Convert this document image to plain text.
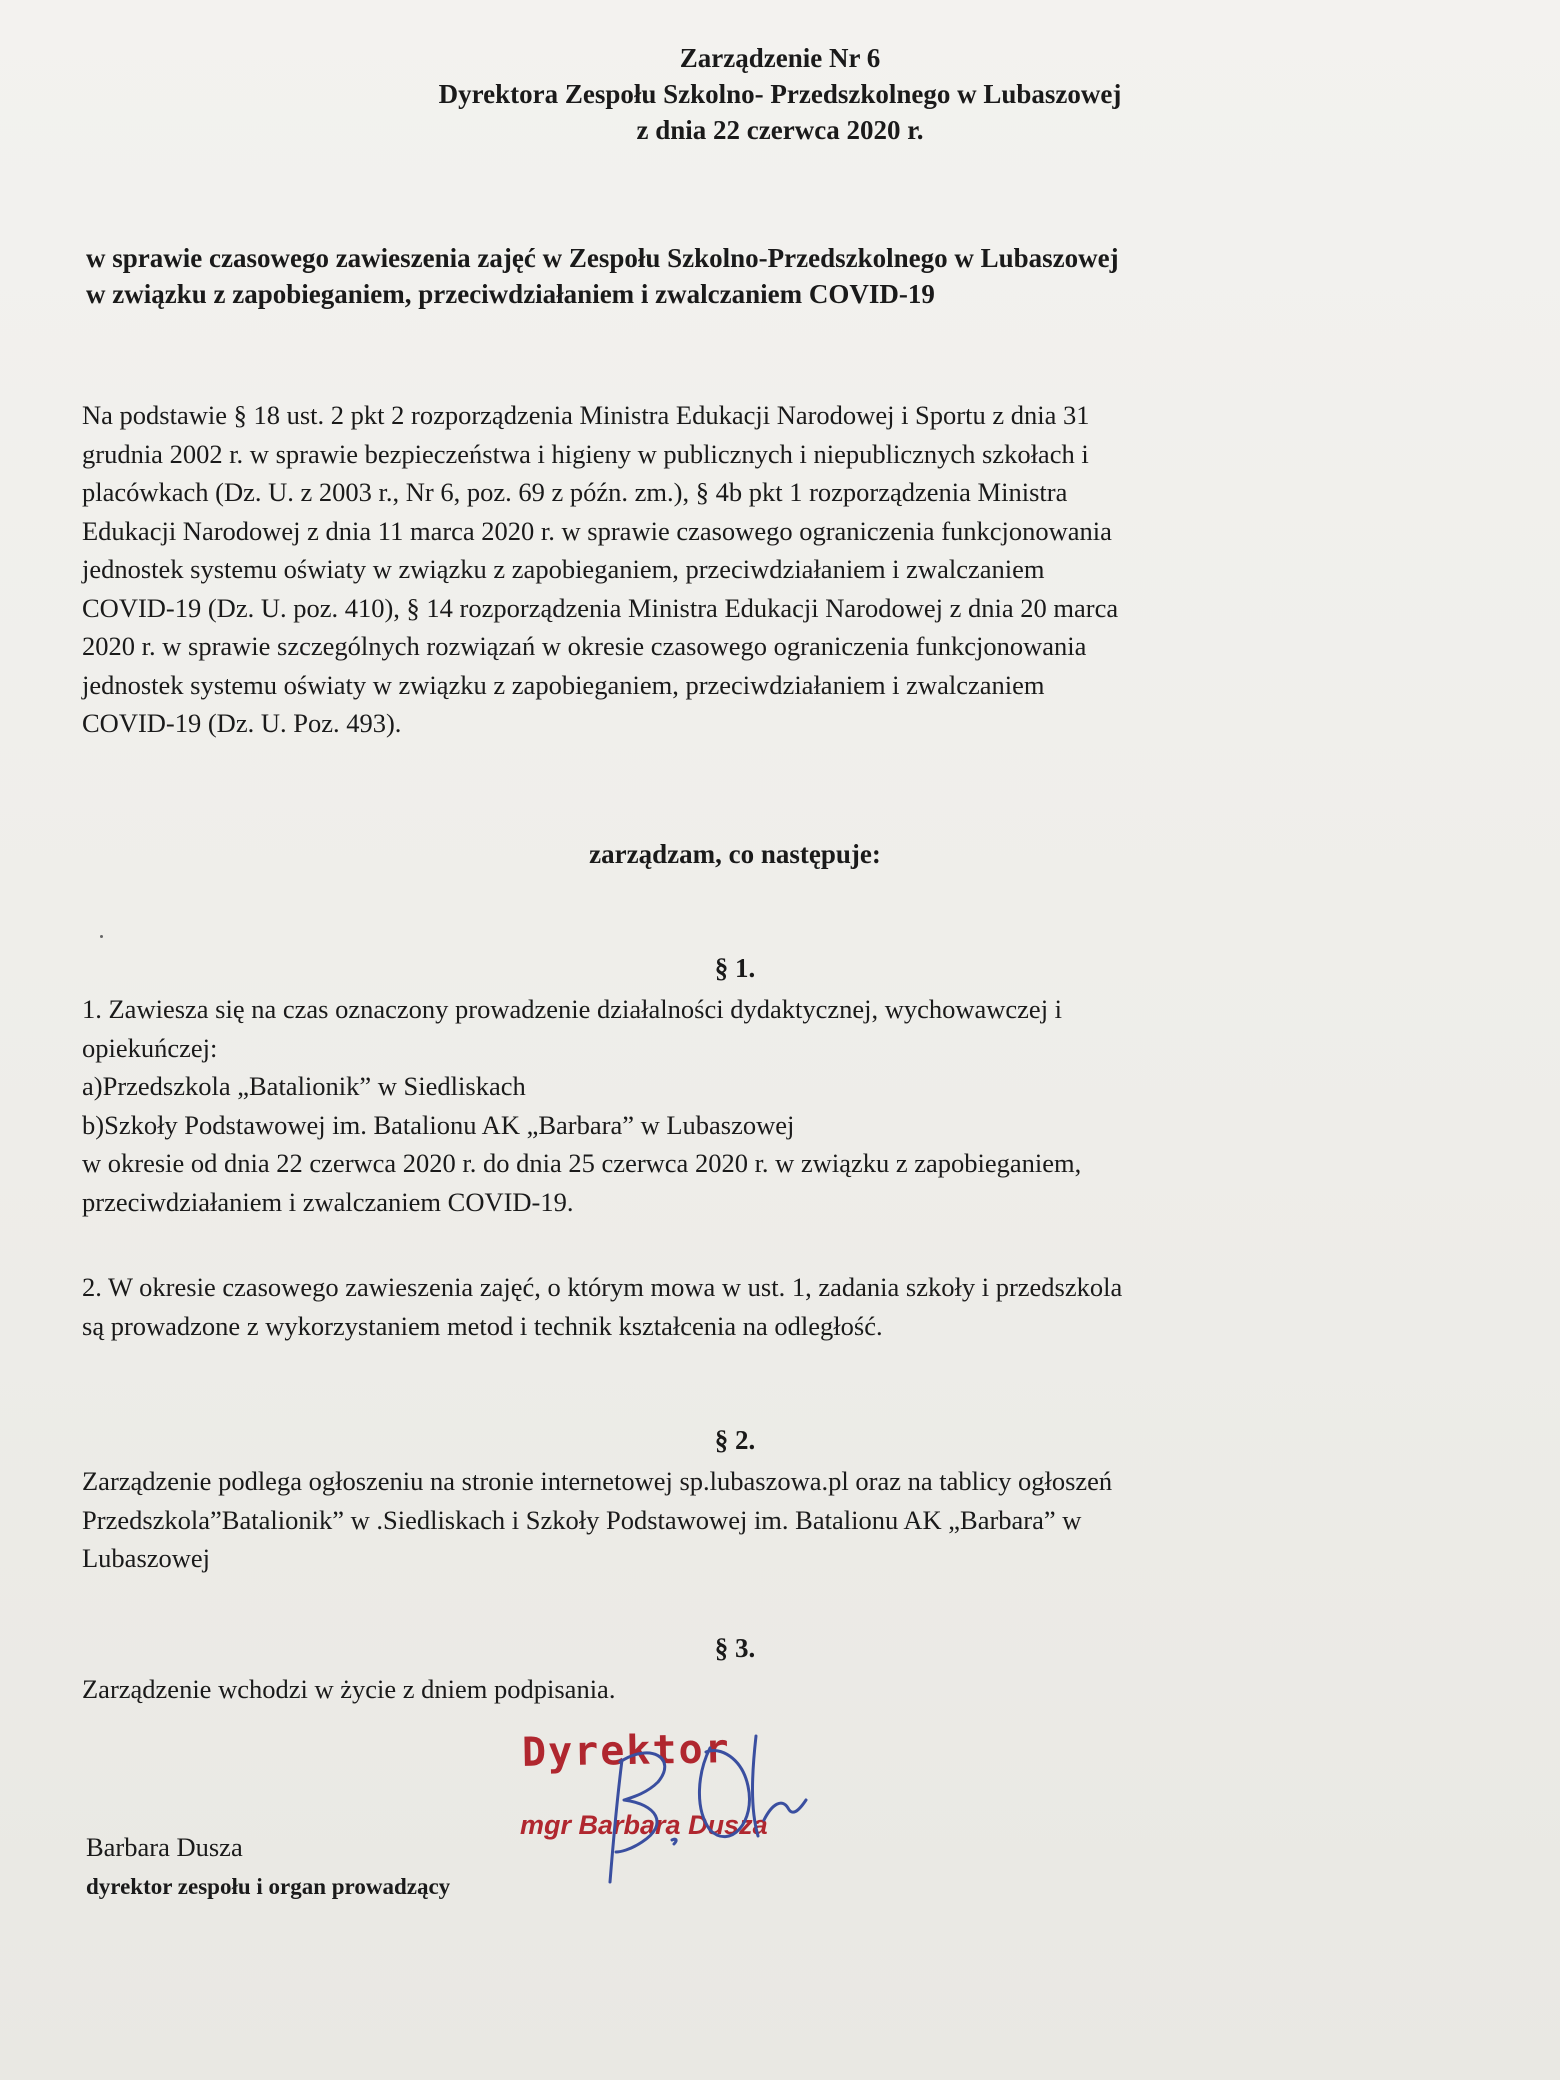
Zarządzenie Nr 6
Dyrektora Zespołu Szkolno- Przedszkolnego w Lubaszowej
z dnia 22 czerwca 2020 r.
w sprawie czasowego zawieszenia zajęć w Zespołu Szkolno-Przedszkolnego w Lubaszowej
w związku z zapobieganiem, przeciwdziałaniem i zwalczaniem COVID-19
Na podstawie § 18 ust. 2 pkt 2 rozporządzenia Ministra Edukacji Narodowej i Sportu z dnia 31
grudnia 2002 r. w sprawie bezpieczeństwa i higieny w publicznych i niepublicznych szkołach i
placówkach (Dz. U. z 2003 r., Nr 6, poz. 69 z późn. zm.), § 4b pkt 1 rozporządzenia Ministra
Edukacji Narodowej z dnia 11 marca 2020 r. w sprawie czasowego ograniczenia funkcjonowania
jednostek systemu oświaty w związku z zapobieganiem, przeciwdziałaniem i zwalczaniem
COVID-19 (Dz. U. poz. 410), § 14 rozporządzenia Ministra Edukacji Narodowej z dnia 20 marca
2020 r. w sprawie szczególnych rozwiązań w okresie czasowego ograniczenia funkcjonowania
jednostek systemu oświaty w związku z zapobieganiem, przeciwdziałaniem i zwalczaniem
COVID-19 (Dz. U. Poz. 493).
zarządzam, co następuje:
§ 1.
1. Zawiesza się na czas oznaczony prowadzenie działalności dydaktycznej, wychowawczej i
opiekuńczej:
a)Przedszkola „Batalionik” w Siedliskach
b)Szkoły Podstawowej im. Batalionu AK „Barbara” w Lubaszowej
w okresie od dnia 22 czerwca 2020 r. do dnia 25 czerwca 2020 r. w związku z zapobieganiem,
przeciwdziałaniem i zwalczaniem COVID-19.
2. W okresie czasowego zawieszenia zajęć, o którym mowa w ust. 1, zadania szkoły i przedszkola
są prowadzone z wykorzystaniem metod i technik kształcenia na odległość.
§ 2.
Zarządzenie podlega ogłoszeniu na stronie internetowej sp.lubaszowa.pl oraz na tablicy ogłoszeń
Przedszkola”Batalionik” w .Siedliskach i Szkoły Podstawowej im. Batalionu AK „Barbara” w
Lubaszowej
§ 3.
Zarządzenie wchodzi w życie z dniem podpisania.
Dyrektor
mgr Barbara Dusza
Barbara Dusza
dyrektor zespołu i organ prowadzący
